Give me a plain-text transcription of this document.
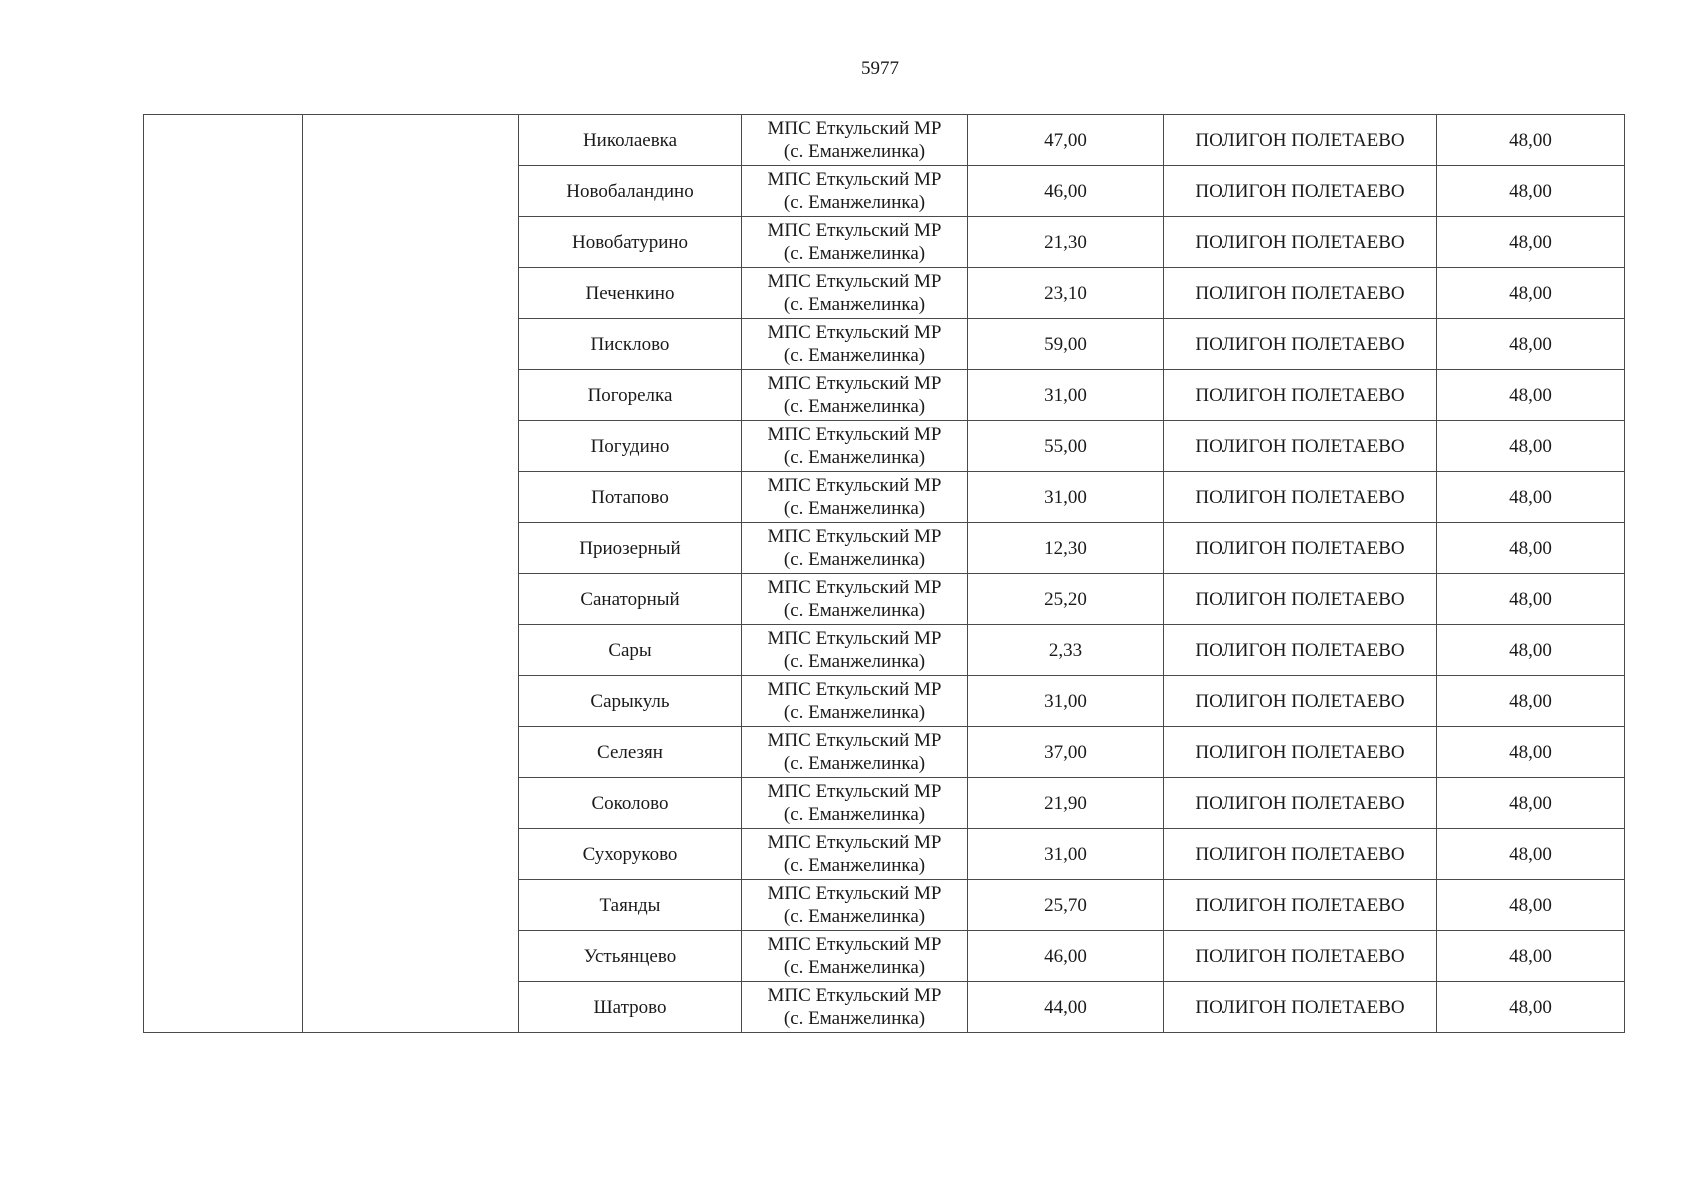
5977
		Николаевка	МПС Еткульский МР
(с. Еманжелинка)	47,00	ПОЛИГОН ПОЛЕТАЕВО	48,00
		Новобаландино	МПС Еткульский МР
(с. Еманжелинка)	46,00	ПОЛИГОН ПОЛЕТАЕВО	48,00
		Новобатурино	МПС Еткульский МР
(с. Еманжелинка)	21,30	ПОЛИГОН ПОЛЕТАЕВО	48,00
		Печенкино	МПС Еткульский МР
(с. Еманжелинка)	23,10	ПОЛИГОН ПОЛЕТАЕВО	48,00
		Писклово	МПС Еткульский МР
(с. Еманжелинка)	59,00	ПОЛИГОН ПОЛЕТАЕВО	48,00
		Погорелка	МПС Еткульский МР
(с. Еманжелинка)	31,00	ПОЛИГОН ПОЛЕТАЕВО	48,00
		Погудино	МПС Еткульский МР
(с. Еманжелинка)	55,00	ПОЛИГОН ПОЛЕТАЕВО	48,00
		Потапово	МПС Еткульский МР
(с. Еманжелинка)	31,00	ПОЛИГОН ПОЛЕТАЕВО	48,00
		Приозерный	МПС Еткульский МР
(с. Еманжелинка)	12,30	ПОЛИГОН ПОЛЕТАЕВО	48,00
		Санаторный	МПС Еткульский МР
(с. Еманжелинка)	25,20	ПОЛИГОН ПОЛЕТАЕВО	48,00
		Сары	МПС Еткульский МР
(с. Еманжелинка)	2,33	ПОЛИГОН ПОЛЕТАЕВО	48,00
		Сарыкуль	МПС Еткульский МР
(с. Еманжелинка)	31,00	ПОЛИГОН ПОЛЕТАЕВО	48,00
		Селезян	МПС Еткульский МР
(с. Еманжелинка)	37,00	ПОЛИГОН ПОЛЕТАЕВО	48,00
		Соколово	МПС Еткульский МР
(с. Еманжелинка)	21,90	ПОЛИГОН ПОЛЕТАЕВО	48,00
		Сухоруково	МПС Еткульский МР
(с. Еманжелинка)	31,00	ПОЛИГОН ПОЛЕТАЕВО	48,00
		Таянды	МПС Еткульский МР
(с. Еманжелинка)	25,70	ПОЛИГОН ПОЛЕТАЕВО	48,00
		Устьянцево	МПС Еткульский МР
(с. Еманжелинка)	46,00	ПОЛИГОН ПОЛЕТАЕВО	48,00
		Шатрово	МПС Еткульский МР
(с. Еманжелинка)	44,00	ПОЛИГОН ПОЛЕТАЕВО	48,00
